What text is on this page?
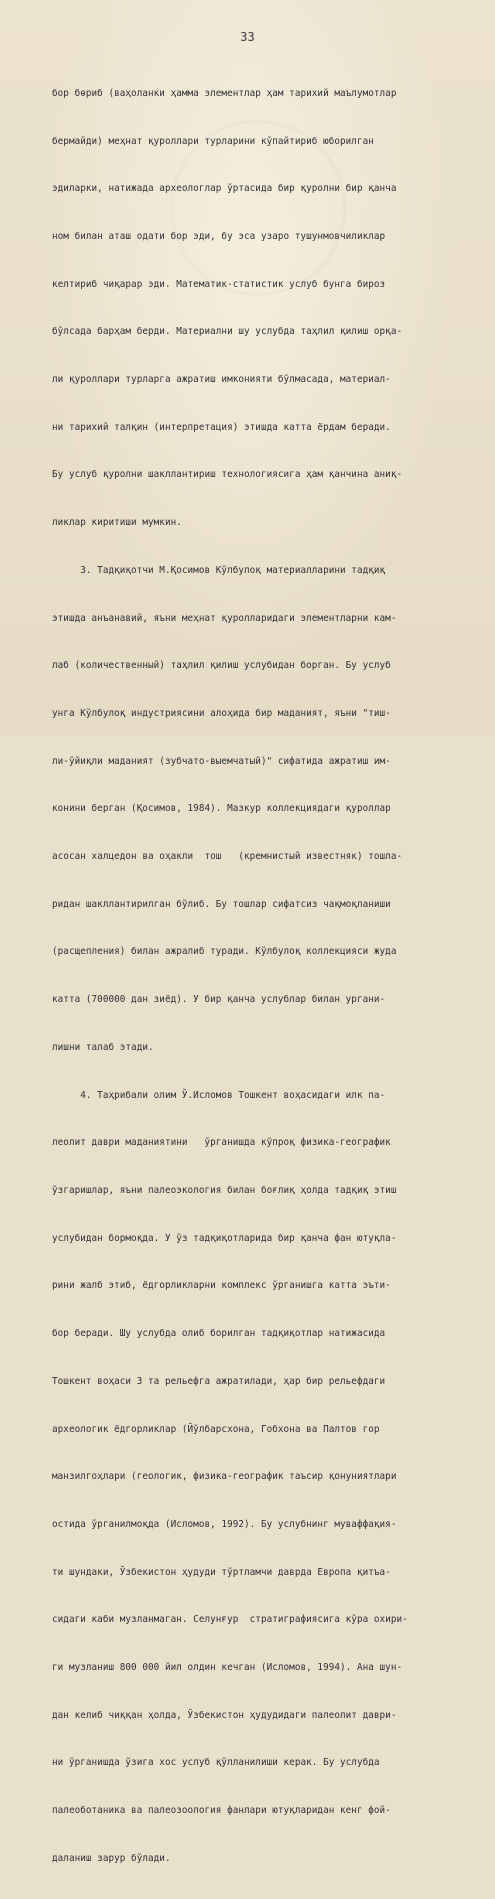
33

бор бөриб (ваҳоланки ҳамма элементлар ҳам тарихий маълумотлар

бермайди) меҳнат қуроллари турларини кўпайтириб юборилган

эдиларки, натижада археологлар ўртасида бир қуролни бир қанча

ном билан аташ одати бор эди, бу эса узаро тушунмовчиликлар

келтириб чиқарар эди. Математик-статистик услуб бунга бироз

бўлсада барҳам берди. Материални шу услубда таҳлил қилиш орқа-

ли қуроллари турларга ажратиш имконияти бўлмасада, материал-

ни тарихий талқин (интерпретация) этишда катта ёрдам беради.

Бу услуб қуролни шакллантириш технологиясига ҳам қанчина аниқ-

ликлар киритиши мумкин.

3. Тадқиқотчи М.Қосимов Кўлбулоқ материалларини тадқиқ

этишда анъанавий, яъни меҳнат қуролларидаги элементларни кам-

лаб (количественный) таҳлил қилиш услубидан борган. Бу услуб

унга Кўлбулоқ индустриясини алоҳида бир маданият, яъни "тиш-

ли-ўйиқли маданият (зубчато-выемчатый)" сифатида ажратиш им-

конини берган (Қосимов, 1984). Мазкур коллекциядаги қуроллар

асосан халцедон ва оҳакли  тош   (кремнистый известняк) тошла-

ридан шакллантирилган бўлиб. Бу тошлар сифатсиз чақмоқланиши

(расщепления) билан ажралиб туради. Кўлбулоқ коллекцияси жуда

катта (700000 дан зиёд). У бир қанча услублар билан ургани-

лишни талаб этади.

4. Таҳрибали олим Ў.Исломов Тошкент воҳасидаги илк па-

леолит даври маданиятини   ўрганишда кўпроқ физика-географик

ўзгаришлар, яъни палеоэкология билан боғлиқ ҳолда тадқиқ этиш

услубидан бормоқда. У ўз тадқиқотларида бир қанча фан ютуқла-

рини жалб этиб, ёдгорликларни комплекс ўрганишга катта эъти-

бор беради. Шу услубда олиб борилган тадқиқотлар натижасида

Тошкент воҳаси 3 та рельефга ажратилади, ҳар бир рельефдаги

археологик ёдгорликлар (Йўлбарсхона, Гобхона ва Палтов гор

манзилгоҳлари (геологик, физика-географик таъсир қонуниятлари

остида ўрганилмоқда (Исломов, 1992). Бу услубнинг муваффақия-

ти шундаки, Ўзбекистон ҳудуди тўртламчи даврда Европа қитъа-

сидаги каби музланмаган. Селунғур  стратиграфиясига кўра охири-

ги музланиш 800 000 йил олдин кечган (Исломов, 1994). Ана шун-

дан келиб чиққан ҳолда, Ўзбекистон ҳудудидаги палеолит даври-

ни ўрганишда ўзига хос услуб қўлланилиши керак. Бу услубда

палеоботаника ва палеозоология фанлари ютуқларидан кенг фой-

даланиш зарур бўлади.
